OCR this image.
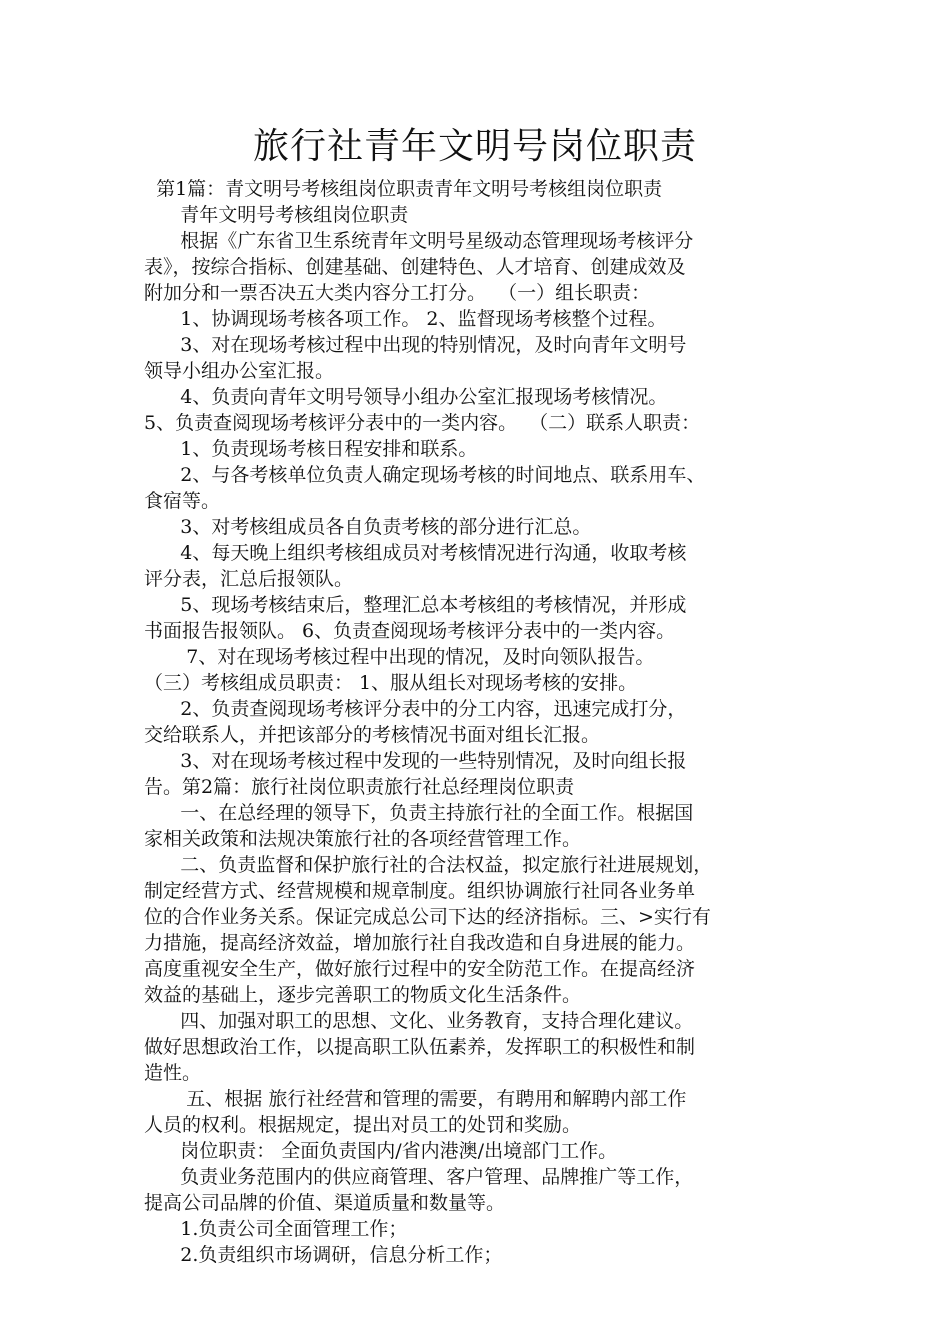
旅行社青年文明号岗位职责
第1篇：青文明号考核组岗位职责青年文明号考核组岗位职责
青年文明号考核组岗位职责
根据《广东省卫生系统青年文明号星级动态管理现场考核评分
表》，按综合指标、创建基础、创建特色、人才培育、创建成效及
附加分和一票否决五大类内容分工打分。  （一）组长职责：
1、协调现场考核各项工作。 2、监督现场考核整个过程。
3、对在现场考核过程中出现的特别情况，及时向青年文明号
领导小组办公室汇报。
4、负责向青年文明号领导小组办公室汇报现场考核情况。
5、负责查阅现场考核评分表中的一类内容。  （二）联系人职责：
1、负责现场考核日程安排和联系。
2、与各考核单位负责人确定现场考核的时间地点、联系用车、
食宿等。
3、对考核组成员各自负责考核的部分进行汇总。
4、每天晚上组织考核组成员对考核情况进行沟通，收取考核
评分表，汇总后报领队。
5、现场考核结束后，整理汇总本考核组的考核情况，并形成
书面报告报领队。 6、负责查阅现场考核评分表中的一类内容。
7、对在现场考核过程中出现的情况，及时向领队报告。
（三）考核组成员职责： 1、服从组长对现场考核的安排。
2、负责查阅现场考核评分表中的分工内容，迅速完成打分，
交给联系人，并把该部分的考核情况书面对组长汇报。
3、对在现场考核过程中发现的一些特别情况，及时向组长报
告。第2篇：旅行社岗位职责旅行社总经理岗位职责
一、在总经理的领导下，负责主持旅行社的全面工作。根据国
家相关政策和法规决策旅行社的各项经营管理工作。
二、负责监督和保护旅行社的合法权益，拟定旅行社进展规划，
制定经营方式、经营规模和规章制度。组织协调旅行社同各业务单
位的合作业务关系。保证完成总公司下达的经济指标。三、>实行有
力措施，提高经济效益，增加旅行社自我改造和自身进展的能力。
高度重视安全生产，做好旅行过程中的安全防范工作。在提高经济
效益的基础上，逐步完善职工的物质文化生活条件。
四、加强对职工的思想、文化、业务教育，支持合理化建议。
做好思想政治工作，以提高职工队伍素养，发挥职工的积极性和制
造性。
五、根据 旅行社经营和管理的需要，有聘用和解聘内部工作
人员的权利。根据规定，提出对员工的处罚和奖励。
岗位职责： 全面负责国内/省内港澳/出境部门工作。
负责业务范围内的供应商管理、客户管理、品牌推广等工作，
提高公司品牌的价值、渠道质量和数量等。
1.负责公司全面管理工作；
2.负责组织市场调研，信息分析工作；
